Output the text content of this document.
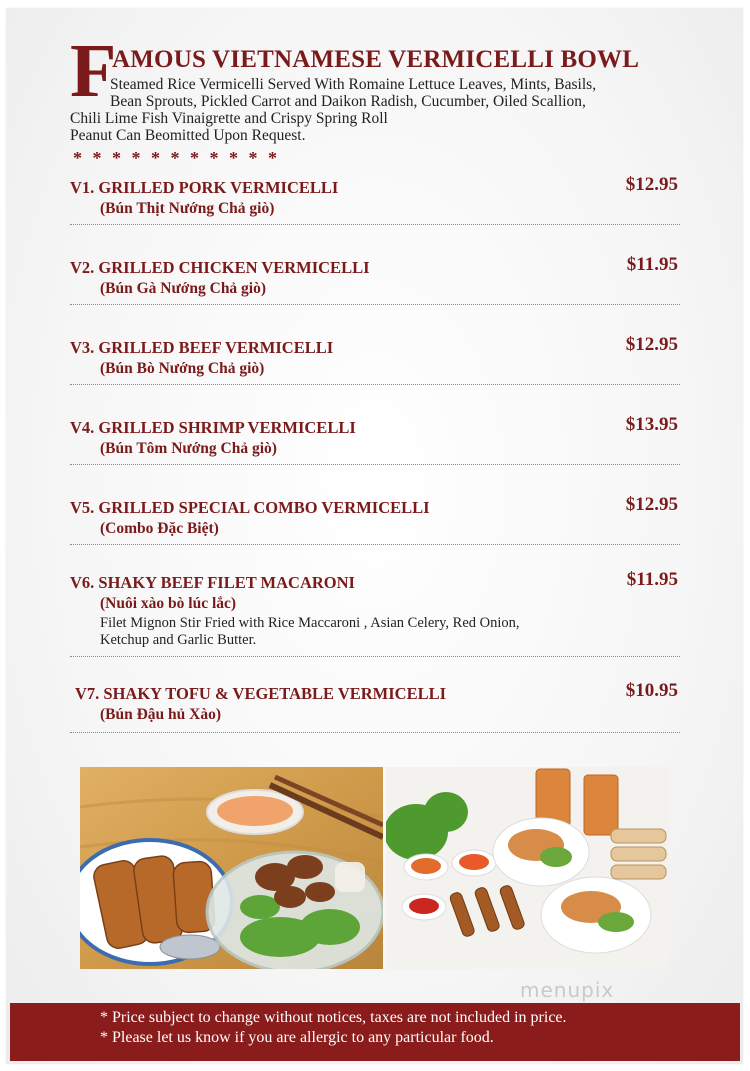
F
AMOUS VIETNAMESE VERMICELLI BOWL
Steamed Rice Vermicelli Served With Romaine Lettuce Leaves, Mints, Basils,
Bean Sprouts, Pickled Carrot and Daikon Radish, Cucumber, Oiled Scallion,
Chili Lime Fish Vinaigrette and Crispy Spring Roll
Peanut Can Beomitted Upon Request.
* * * * * * * * * * *
V1. GRILLED PORK VERMICELLI
(Bún Thịt Nướng Chả giò)
$12.95
V2. GRILLED CHICKEN VERMICELLI
(Bún Gà Nướng Chả giò)
$11.95
V3. GRILLED BEEF VERMICELLI
(Bún Bò Nướng Chả giò)
$12.95
V4. GRILLED SHRIMP VERMICELLI
(Bún Tôm Nướng Chả giò)
$13.95
V5. GRILLED SPECIAL COMBO VERMICELLI
(Combo Đặc Biệt)
$12.95
V6. SHAKY BEEF FILET MACARONI
(Nuôi xào bò lúc lắc)
Filet Mignon Stir Fried with Rice Maccaroni , Asian Celery, Red Onion,
Ketchup and Garlic Butter.
$11.95
V7. SHAKY TOFU & VEGETABLE VERMICELLI
(Bún Đậu hủ Xào)
$10.95
menupix
* Price subject to change without notices, taxes are not included in price.
* Please let us know if you are allergic to any particular food.
